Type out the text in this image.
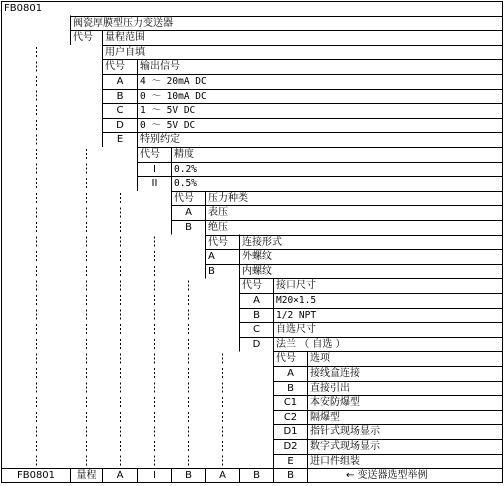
FB0801
阀瓷厚膜型压力变送器
代号	量程范围
用户自填
代号	输出信号
A	4 ～ 20mA DC
B	0 ～ 10mA DC
C	1 ～ 5V DC
D	0 ～ 5V DC
E	特别约定
代号	精度
I	0.2%
II	0.5%
代号	压力种类
A	表压
B	绝压
代号	连接形式
A	外螺纹
B	内螺纹
代号	接口尺寸
A	M20×1.5
B	1/2 NPT
C	自选尺寸
D	法兰 （ 自选 ）
代号	选项
A	接线盒连接
B	直接引出
C1	本安防爆型
C2	隔爆型
D1	指针式现场显示
D2	数字式现场显示
E	进口件组装
FB0801	量程	A	I	B	A	B	B	← 变送器选型举例
